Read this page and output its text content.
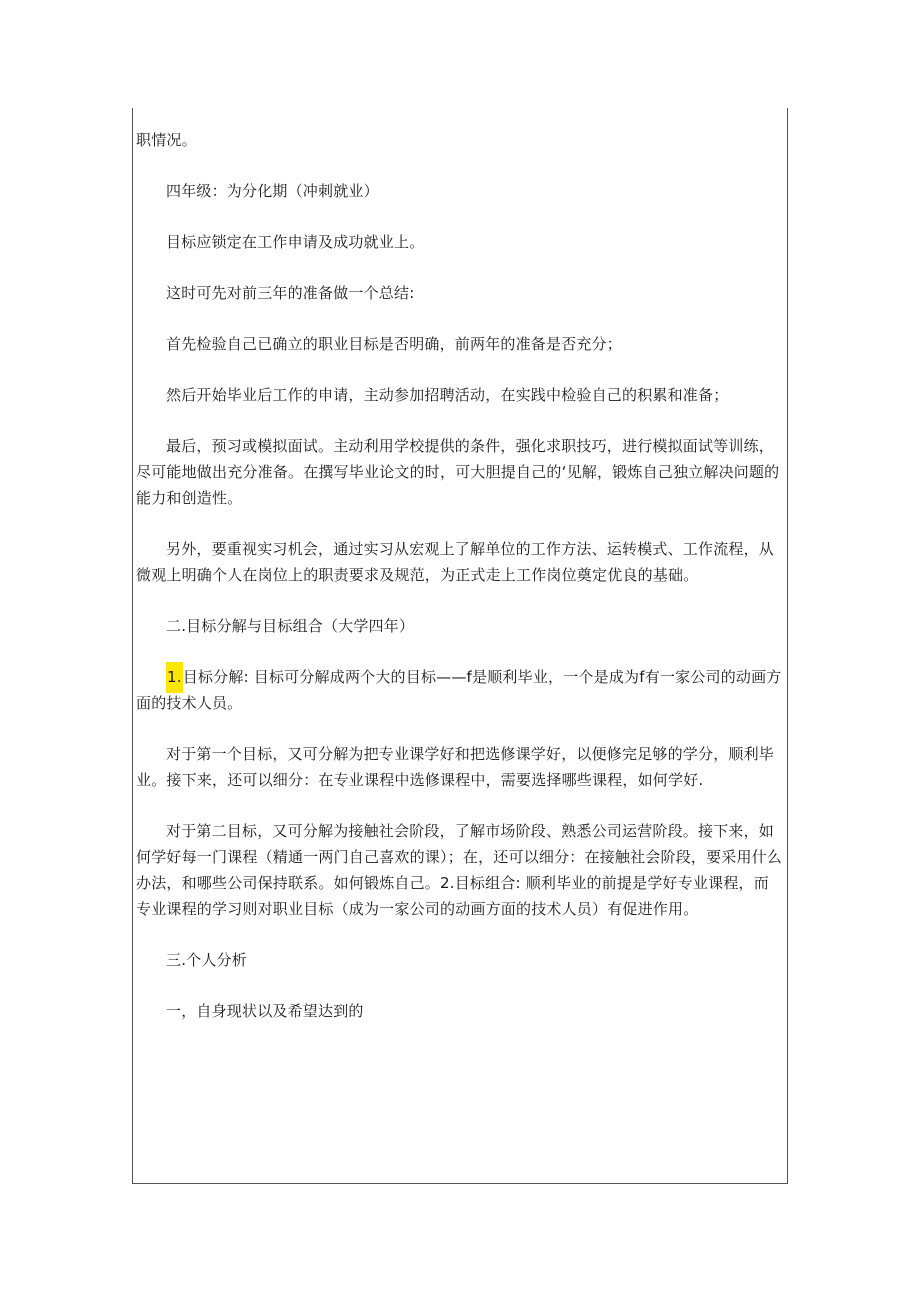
职情况。

四年级：为分化期（冲刺就业）

目标应锁定在工作申请及成功就业上。

这时可先对前三年的准备做一个总结:

首先检验自己已确立的职业目标是否明确，前两年的准备是否充分；

然后开始毕业后工作的申请，主动参加招聘活动，在实践中检验自己的积累和准备；

最后，预习或模拟面试。主动利用学校提供的条件，强化求职技巧，进行模拟面试等训练，尽可能地做出充分准备。在撰写毕业论文的时，可大胆提自己的‘见解，锻炼自己独立解决问题的能力和创造性。

另外，要重视实习机会，通过实习从宏观上了解单位的工作方法、运转模式、工作流程，从微观上明确个人在岗位上的职责要求及规范，为正式走上工作岗位奠定优良的基础。

二.目标分解与目标组合（大学四年）

1.目标分解: 目标可分解成两个大的目标——f是顺利毕业，一个是成为f有一家公司的动画方面的技术人员。

对于第一个目标，又可分解为把专业课学好和把选修课学好，以便修完足够的学分，顺利毕业。接下来，还可以细分：在专业课程中选修课程中，需要选择哪些课程，如何学好.

对于第二目标，又可分解为接触社会阶段，了解市场阶段、熟悉公司运营阶段。接下来，如何学好每一门课程（精通一两门自己喜欢的课）；在，还可以细分：在接触社会阶段，要采用什么办法，和哪些公司保持联系。如何锻炼自己。2.目标组合: 顺利毕业的前提是学好专业课程，而专业课程的学习则对职业目标（成为一家公司的动画方面的技术人员）有促进作用。

三.个人分析

一，自身现状以及希望达到的
